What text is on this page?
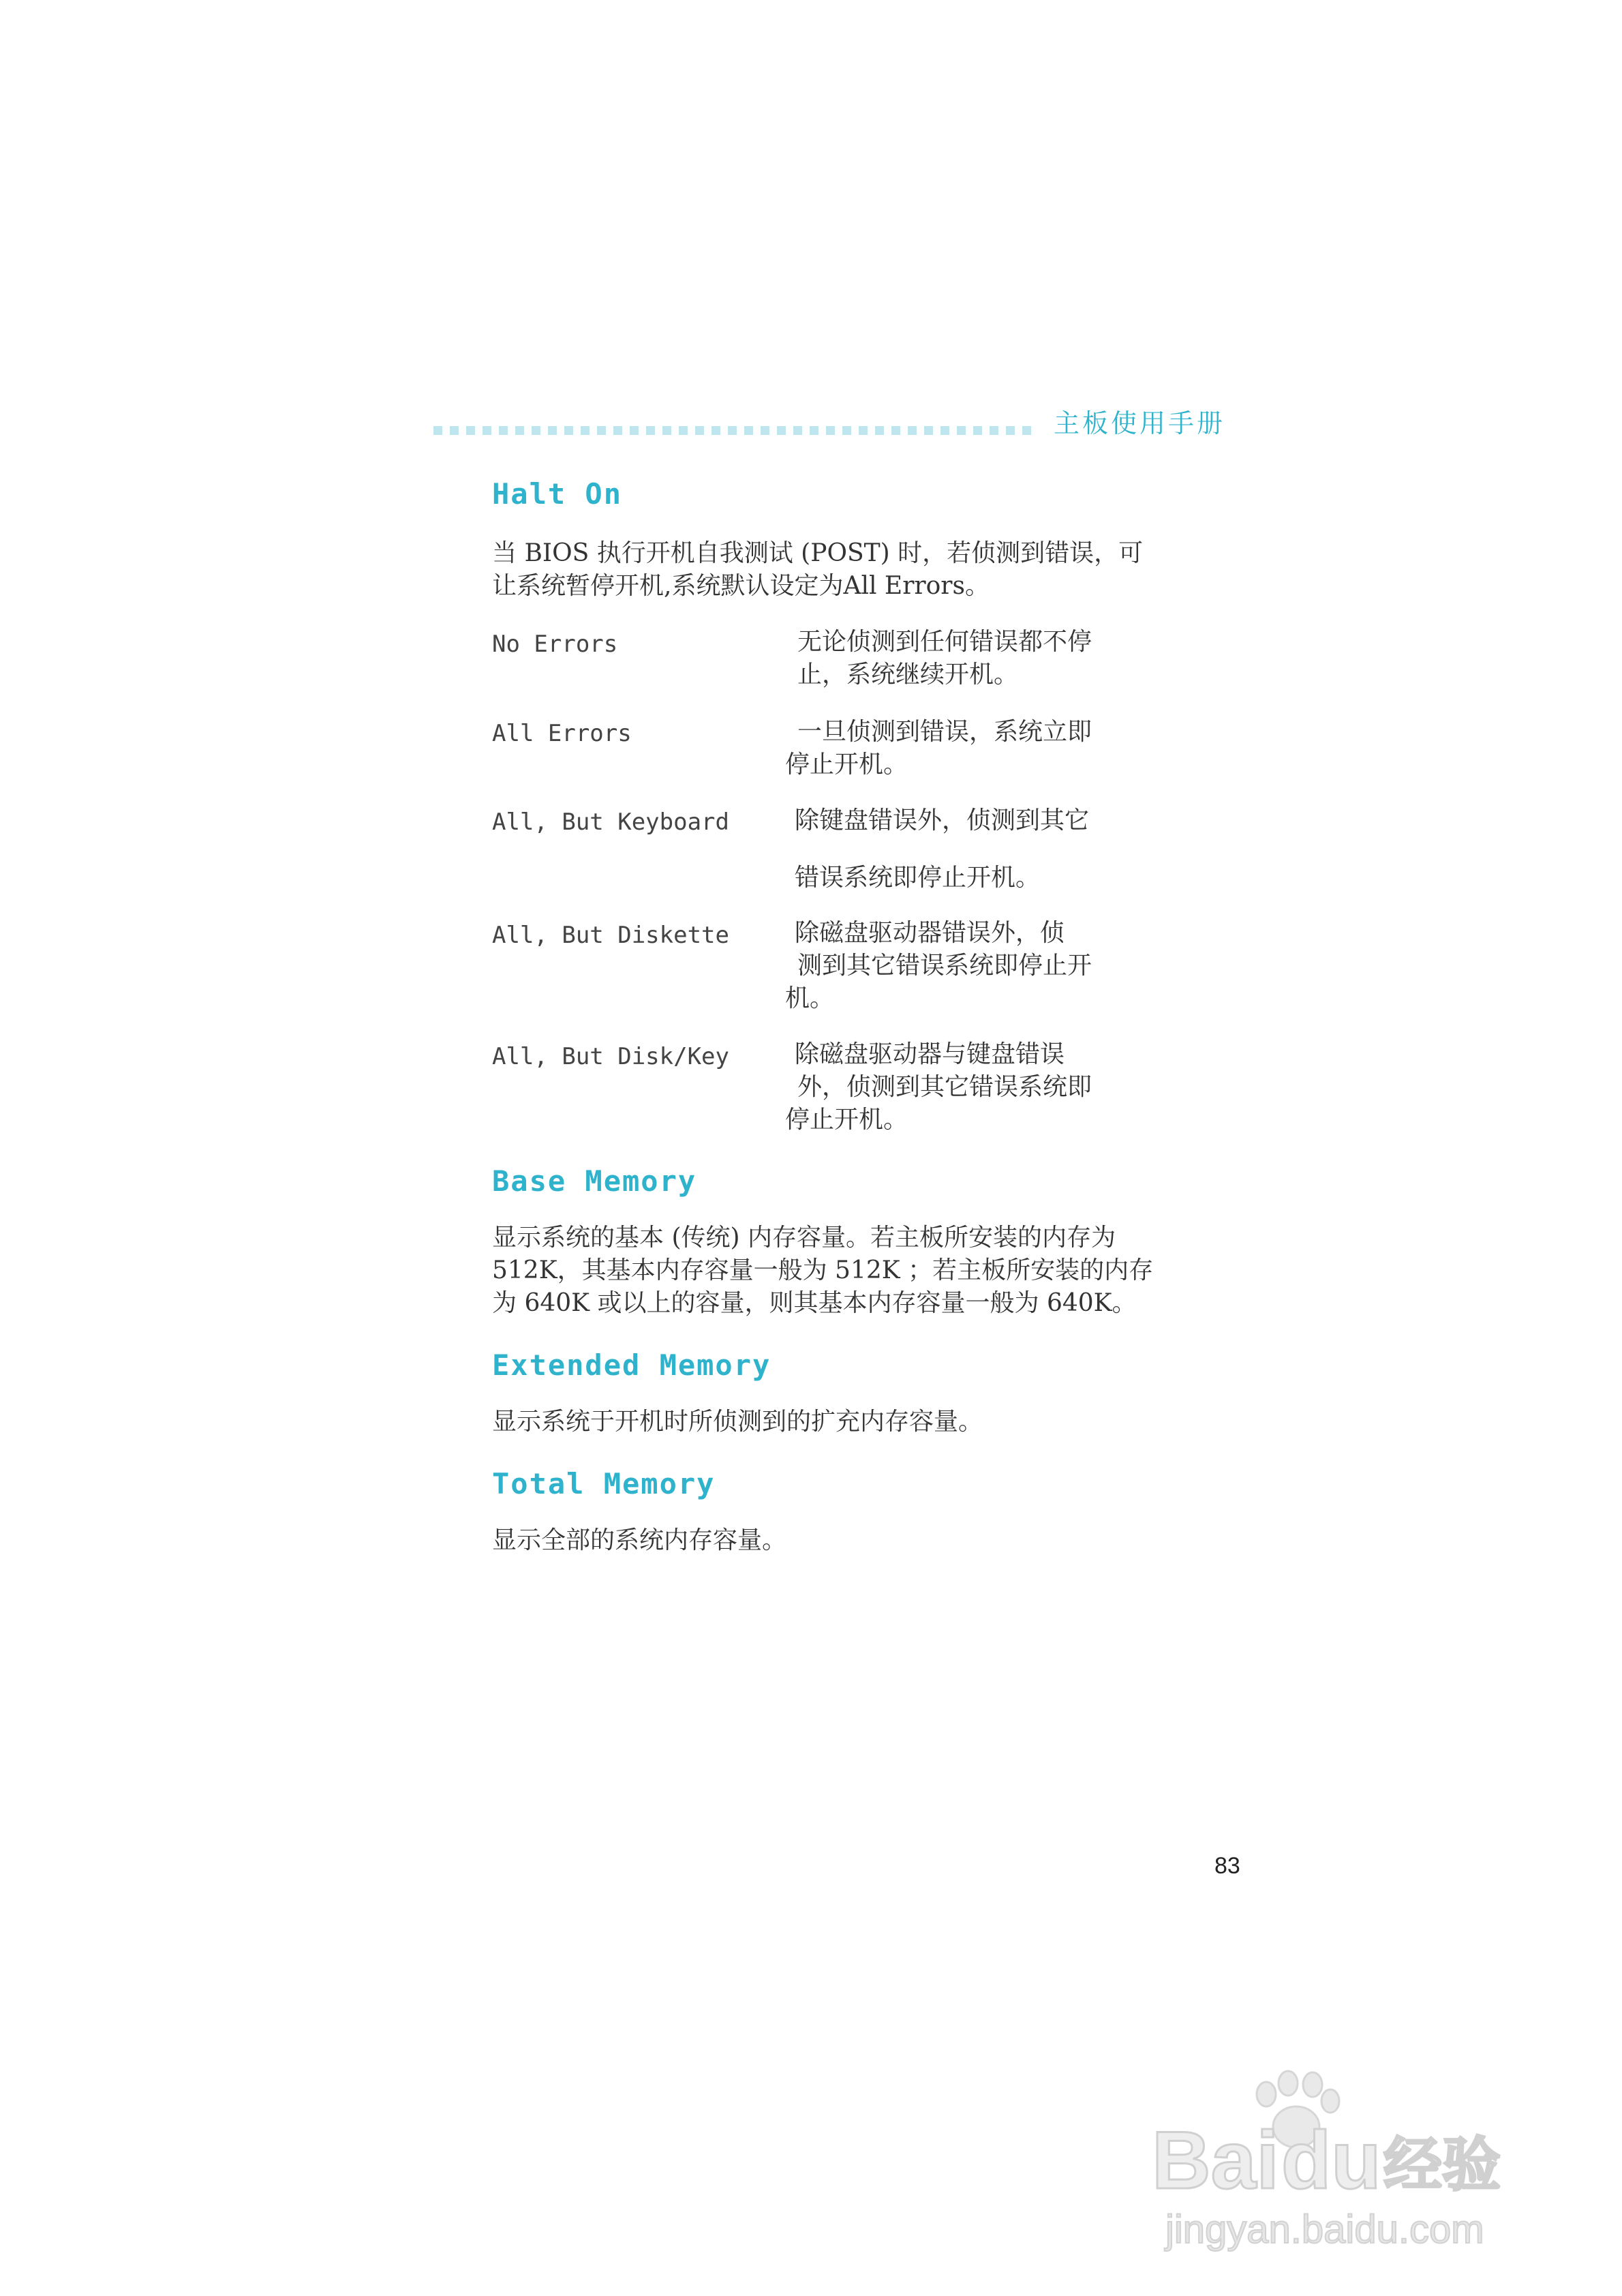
主板使用手册
Halt On
当 BIOS 执行开机自我测试 (POST) 时，若侦测到错误，可
让系统暂停开机,系统默认设定为All Errors。
No Errors	无论侦测到任何错误都不停
止，系统继续开机。
All Errors	一旦侦测到错误，系统立即
停止开机。
All, But Keyboard	除键盘错误外，侦测到其它
错误系统即停止开机。
All, But Diskette	除磁盘驱动器错误外，侦
测到其它错误系统即停止开
机。
All, But Disk/Key	除磁盘驱动器与键盘错误
外，侦测到其它错误系统即
停止开机。
Base Memory
显示系统的基本 (传统) 内存容量。若主板所安装的内存为
512K，其基本内存容量一般为 512K ；若主板所安装的内存
为 640K 或以上的容量，则其基本内存容量一般为 640K。
Extended Memory
显示系统于开机时所侦测到的扩充内存容量。
Total Memory
显示全部的系统内存容量。
83
Bai du 经验
jingyan.baidu.com
